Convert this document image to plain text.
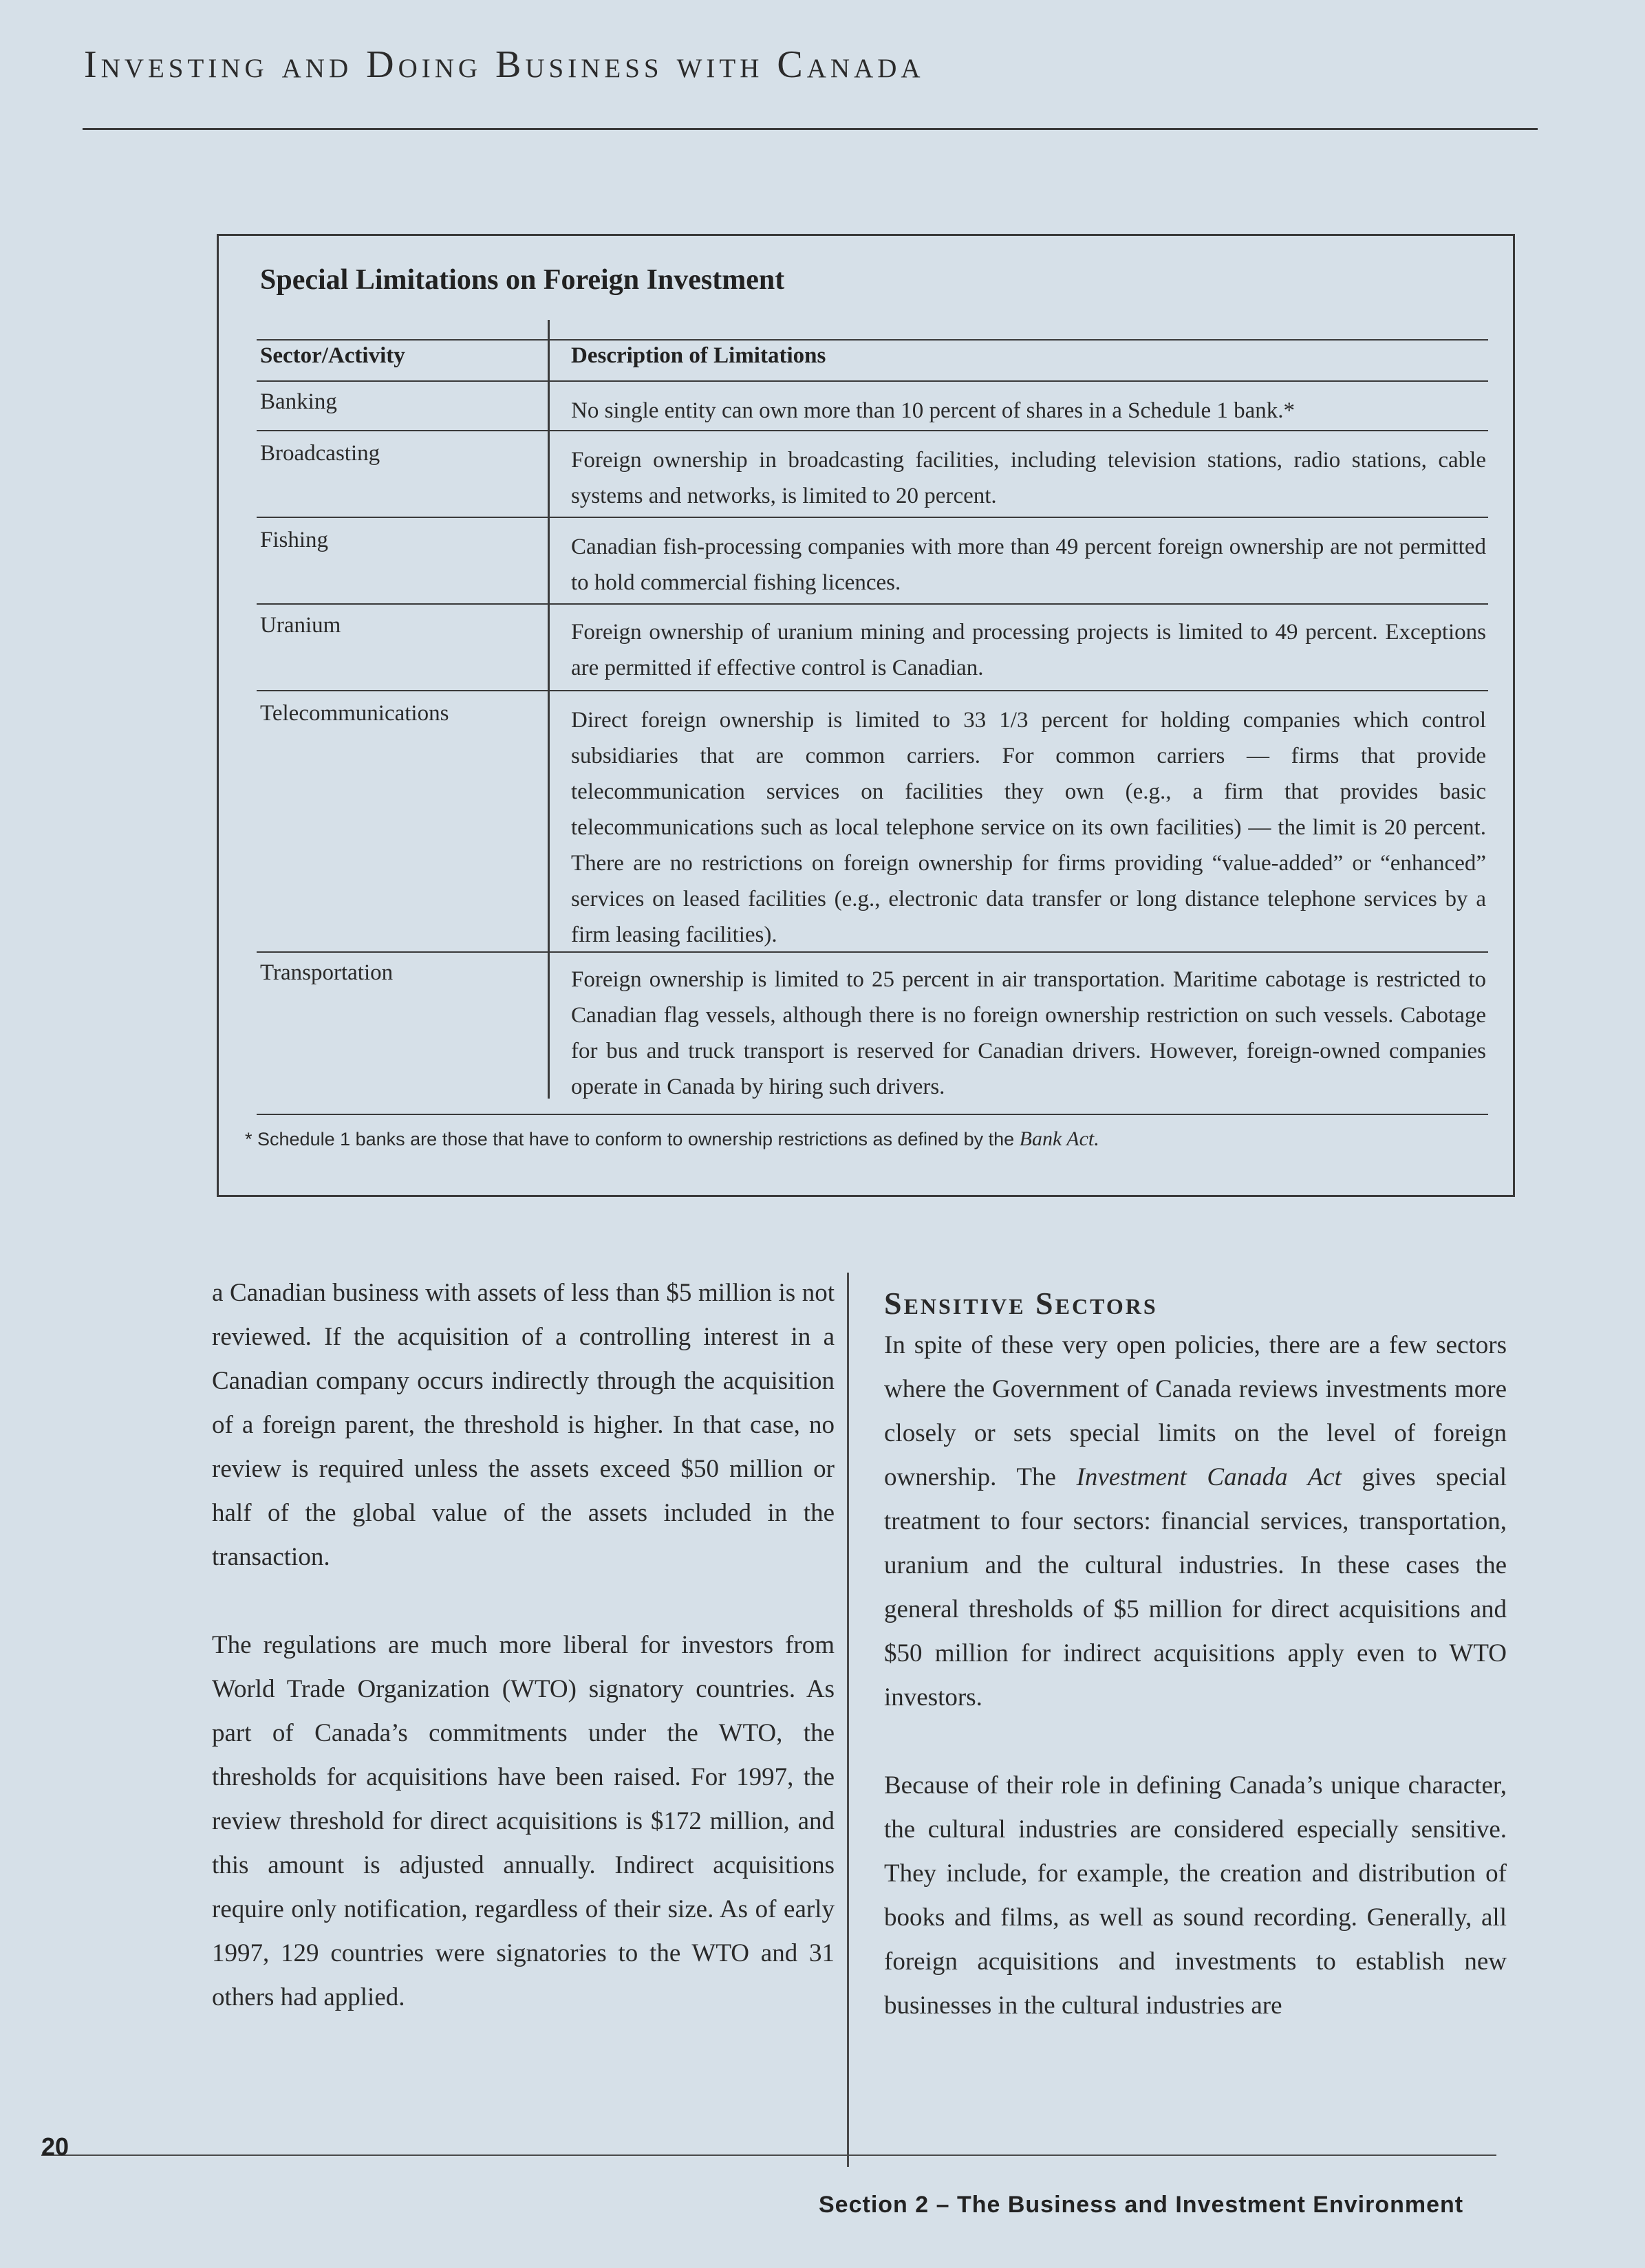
Investing and Doing Business with Canada
Special Limitations on Foreign Investment
Sector/Activity	Description of Limitations
Banking	No single entity can own more than 10 percent of shares in a Schedule 1 bank.*
Broadcasting	Foreign ownership in broadcasting facilities, including television stations, radio stations, cable systems and networks, is limited to 20 percent.
Fishing	Canadian fish-processing companies with more than 49 percent foreign ownership are not permitted to hold commercial fishing licences.
Uranium	Foreign ownership of uranium mining and processing projects is limited to 49 percent. Exceptions are permitted if effective control is Canadian.
Telecommunications	Direct foreign ownership is limited to 33 1/3 percent for holding companies which control subsidiaries that are common carriers. For common carriers — firms that provide telecommunication services on facilities they own (e.g., a firm that provides basic telecommunications such as local telephone service on its own facilities) — the limit is 20 percent. There are no restrictions on foreign ownership for firms providing “value-added” or “enhanced” services on leased facilities (e.g., electronic data transfer or long distance telephone services by a firm leasing facilities).
Transportation	Foreign ownership is limited to 25 percent in air transportation. Maritime cabotage is restricted to Canadian flag vessels, although there is no foreign ownership restriction on such vessels. Cabotage for bus and truck transport is reserved for Canadian drivers. However, foreign-owned companies operate in Canada by hiring such drivers.
* Schedule 1 banks are those that have to conform to ownership restrictions as defined by the Bank Act.

a Canadian business with assets of less than $5 million is not reviewed. If the acquisition of a controlling interest in a Canadian company occurs indirectly through the acquisition of a foreign parent, the threshold is higher. In that case, no review is required unless the assets exceed $50 million or half of the global value of the assets included in the transaction.

The regulations are much more liberal for investors from World Trade Organization (WTO) signatory countries. As part of Canada’s commitments under the WTO, the thresholds for acquisitions have been raised. For 1997, the review threshold for direct acquisitions is $172 million, and this amount is adjusted annually. Indirect acquisitions require only notification, regardless of their size. As of early 1997, 129 countries were signatories to the WTO and 31 others had applied.

Sensitive Sectors

In spite of these very open policies, there are a few sectors where the Government of Canada reviews investments more closely or sets special limits on the level of foreign ownership. The Investment Canada Act gives special treatment to four sectors: financial services, transportation, uranium and the cultural industries. In these cases the general thresholds of $5 million for direct acquisitions and $50 million for indirect acquisitions apply even to WTO investors.

Because of their role in defining Canada’s unique character, the cultural industries are considered especially sensitive. They include, for example, the creation and distribution of books and films, as well as sound recording. Generally, all foreign acquisitions and investments to establish new businesses in the cultural industries are

20
Section 2 – The Business and Investment Environment
